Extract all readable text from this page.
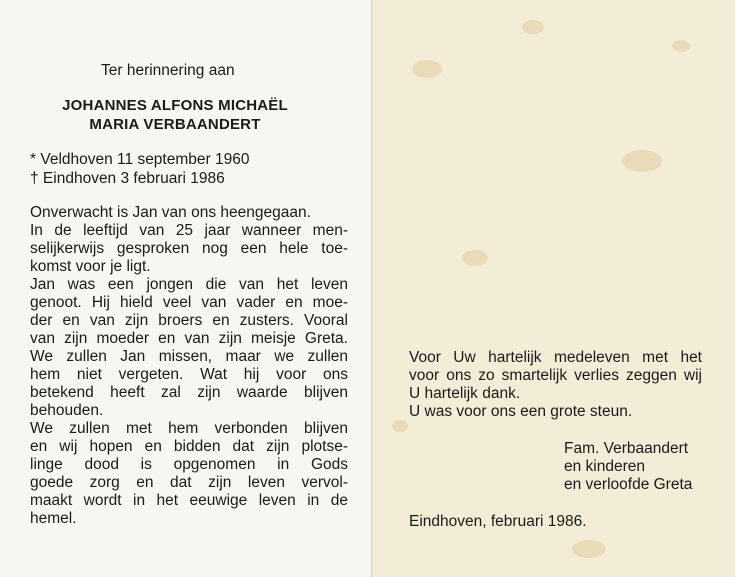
Ter herinnering aan
JOHANNES ALFONS MICHAËL
MARIA VERBAANDERT
* Veldhoven 11 september 1960
† Eindhoven 3 februari 1986
Eindhoven, februari 1986.
Onverwacht is Jan van ons heengegaan.
In de leeftijd van 25 jaar wanneer men-
selijkerwijs gesproken nog een hele toe-
komst voor je ligt.
Jan was een jongen die van het leven
genoot. Hij hield veel van vader en moe-
der en van zijn broers en zusters. Vooral
van zijn moeder en van zijn meisje Greta.
We zullen Jan missen, maar we zullen
hem niet vergeten. Wat hij voor ons
betekend heeft zal zijn waarde blijven
behouden.
We zullen met hem verbonden blijven
en wij hopen en bidden dat zijn plotse-
linge dood is opgenomen in Gods
goede zorg en dat zijn leven vervol-
maakt wordt in het eeuwige leven in de
hemel.
Voor Uw hartelijk medeleven met het
voor ons zo smartelijk verlies zeggen wij
U hartelijk dank.
U was voor ons een grote steun.
Fam. Verbaandert
en kinderen
en verloofde Greta
